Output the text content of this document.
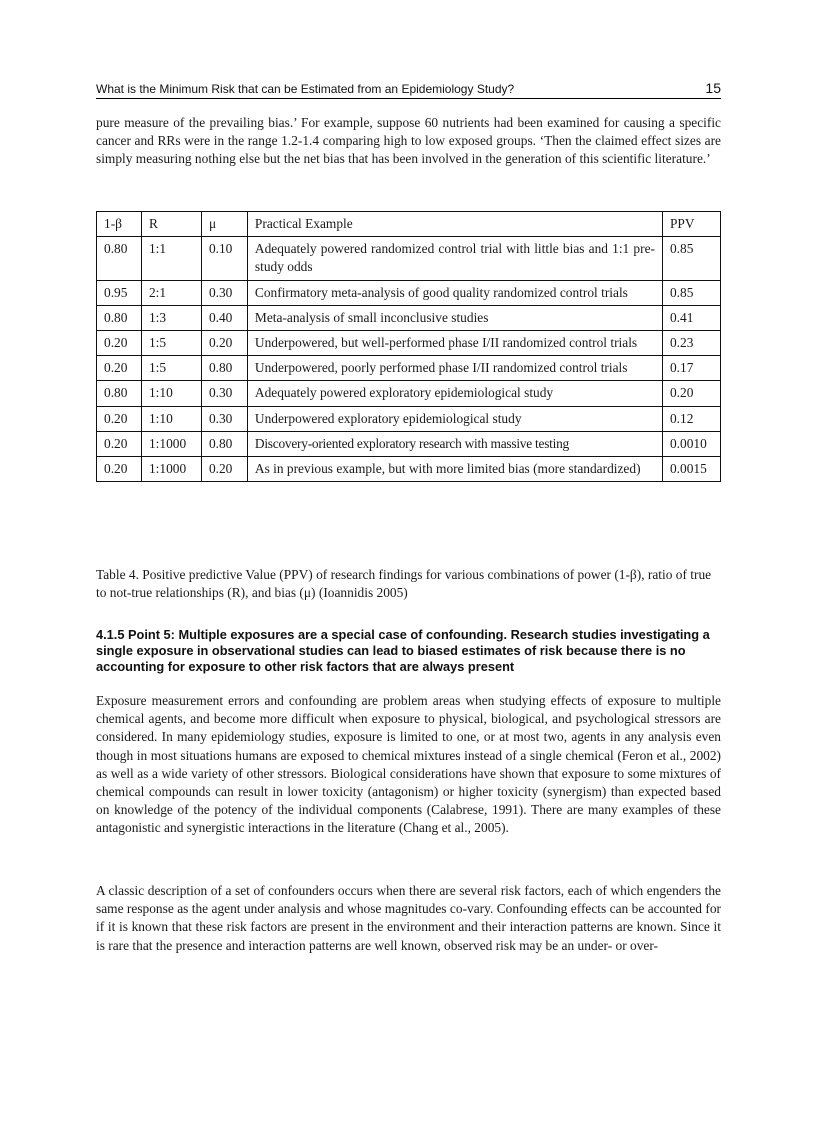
What is the Minimum Risk that can be Estimated from an Epidemiology Study?	15

pure measure of the prevailing bias.’ For example, suppose 60 nutrients had been examined for causing a specific cancer and RRs were in the range 1.2-1.4 comparing high to low exposed groups. ‘Then the claimed effect sizes are simply measuring nothing else but the net bias that has been involved in the generation of this scientific literature.’

1-β	R	μ	Practical Example	PPV
0.80	1:1	0.10	Adequately powered randomized control trial with little bias and 1:1 pre-study odds	0.85
0.95	2:1	0.30	Confirmatory meta-analysis of good quality randomized control trials	0.85
0.80	1:3	0.40	Meta-analysis of small inconclusive studies	0.41
0.20	1:5	0.20	Underpowered, but well-performed phase I/II randomized control trials	0.23
0.20	1:5	0.80	Underpowered, poorly performed phase I/II randomized control trials	0.17
0.80	1:10	0.30	Adequately powered exploratory epidemiological study	0.20
0.20	1:10	0.30	Underpowered exploratory epidemiological study	0.12
0.20	1:1000	0.80	Discovery-oriented exploratory research with massive testing	0.0010
0.20	1:1000	0.20	As in previous example, but with more limited bias (more standardized)	0.0015

Table 4. Positive predictive Value (PPV) of research findings for various combinations of power (1-β), ratio of true to not-true relationships (R), and bias (μ) (Ioannidis 2005)

4.1.5 Point 5: Multiple exposures are a special case of confounding. Research studies investigating a single exposure in observational studies can lead to biased estimates of risk because there is no accounting for exposure to other risk factors that are always present

Exposure measurement errors and confounding are problem areas when studying effects of exposure to multiple chemical agents, and become more difficult when exposure to physical, biological, and psychological stressors are considered. In many epidemiology studies, exposure is limited to one, or at most two, agents in any analysis even though in most situations humans are exposed to chemical mixtures instead of a single chemical (Feron et al., 2002) as well as a wide variety of other stressors. Biological considerations have shown that exposure to some mixtures of chemical compounds can result in lower toxicity (antagonism) or higher toxicity (synergism) than expected based on knowledge of the potency of the individual components (Calabrese, 1991). There are many examples of these antagonistic and synergistic interactions in the literature (Chang et al., 2005).

A classic description of a set of confounders occurs when there are several risk factors, each of which engenders the same response as the agent under analysis and whose magnitudes co-vary. Confounding effects can be accounted for if it is known that these risk factors are present in the environment and their interaction patterns are known. Since it is rare that the presence and interaction patterns are well known, observed risk may be an under- or over-
